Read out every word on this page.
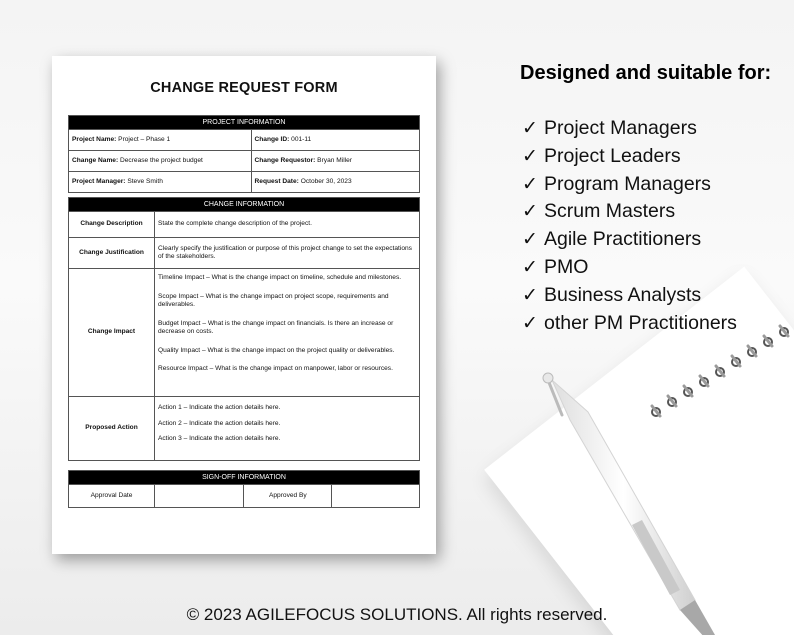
CHANGE REQUEST FORM
PROJECT INFORMATION	
Project Name: Project – Phase 1	Change ID: 001-11
Change Name: Decrease the project budget	Change Requestor: Bryan Miller
Project Manager: Steve Smith	Request Date: October 30, 2023
CHANGE INFORMATION	
Change Description	State the complete change description of the project.
Change Justification	Clearly specify the justification or purpose of this project change to set the expectations of the stakeholders.
Change Impact	Timeline Impact – What is the change impact on timeline, schedule and milestones.
Scope Impact – What is the change impact on project scope, requirements and deliverables.
Budget Impact – What is the change impact on financials. Is there an increase or decrease on costs.
Quality Impact – What is the change impact on the project quality or deliverables.
Resource Impact – What is the change impact on manpower, labor or resources.

Proposed Action	Action 1 – Indicate the action details here.
Action 2 – Indicate the action details here.
Action 3 – Indicate the action details here.
SIGN-OFF INFORMATION
Approval Date		Approved By	
Designed and suitable for:
✓ Project Managers
✓ Project Leaders
✓ Program Managers
✓ Scrum Masters
✓ Agile Practitioners
✓ PMO
✓ Business Analysts
✓ other PM Practitioners
© 2023 AGILEFOCUS SOLUTIONS. All rights reserved.
